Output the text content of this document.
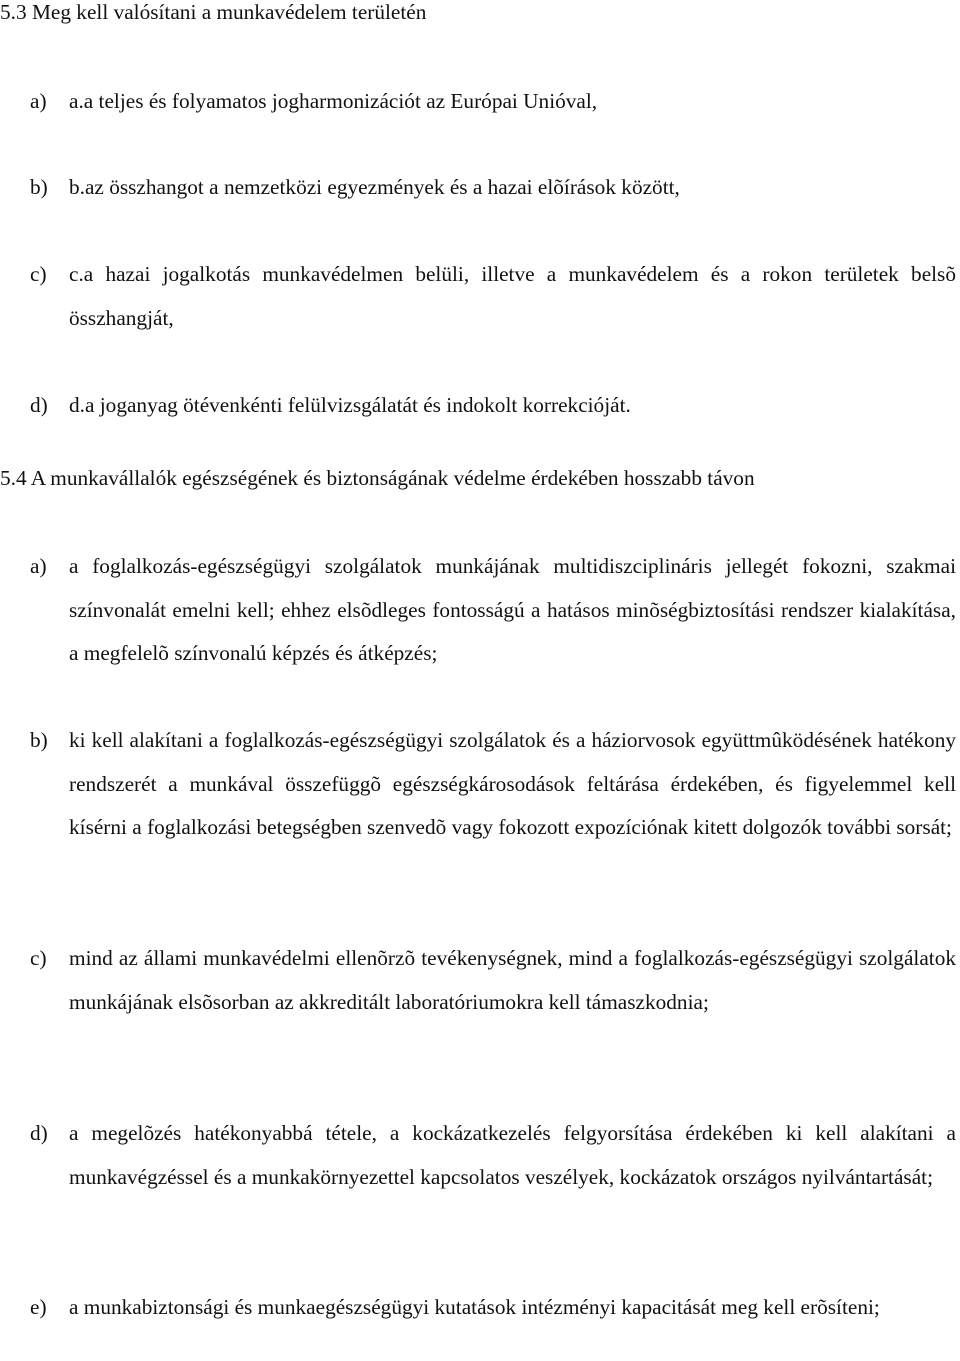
5.3 Meg kell valósítani a munkavédelem területén
a) a.a teljes és folyamatos jogharmonizációt az Európai Unióval,
b) b.az összhangot a nemzetközi egyezmények és a hazai elõírások között,
c) c.a hazai jogalkotás munkavédelmen belüli, illetve a munkavédelem és a rokon területek belsõ összhangját,
d) d.a joganyag ötévenkénti felülvizsgálatát és indokolt korrekcióját.
5.4 A munkavállalók egészségének és biztonságának védelme érdekében hosszabb távon
a) a foglalkozás-egészségügyi szolgálatok munkájának multidiszciplináris jellegét fokozni, szakmai színvonalát emelni kell; ehhez elsõdleges fontosságú a hatásos minõségbiztosítási rendszer kialakítása, a megfelelõ színvonalú képzés és átképzés;
b) ki kell alakítani a foglalkozás-egészségügyi szolgálatok és a háziorvosok együttmûködésének hatékony rendszerét a munkával összefüggõ egészségkárosodások feltárása érdekében, és figyelemmel kell kísérni a foglalkozási betegségben szenvedõ vagy fokozott expozíciónak kitett dolgozók további sorsát;
c) mind az állami munkavédelmi ellenõrzõ tevékenységnek, mind a foglalkozás-egészségügyi szolgálatok munkájának elsõsorban az akkreditált laboratóriumokra kell támaszkodnia;
d) a megelõzés hatékonyabbá tétele, a kockázatkezelés felgyorsítása érdekében ki kell alakítani a munkavégzéssel és a munkakörnyezettel kapcsolatos veszélyek, kockázatok országos nyilvántartását;
e) a munkabiztonsági és munkaegészségügyi kutatások intézményi kapacitását meg kell erõsíteni;
